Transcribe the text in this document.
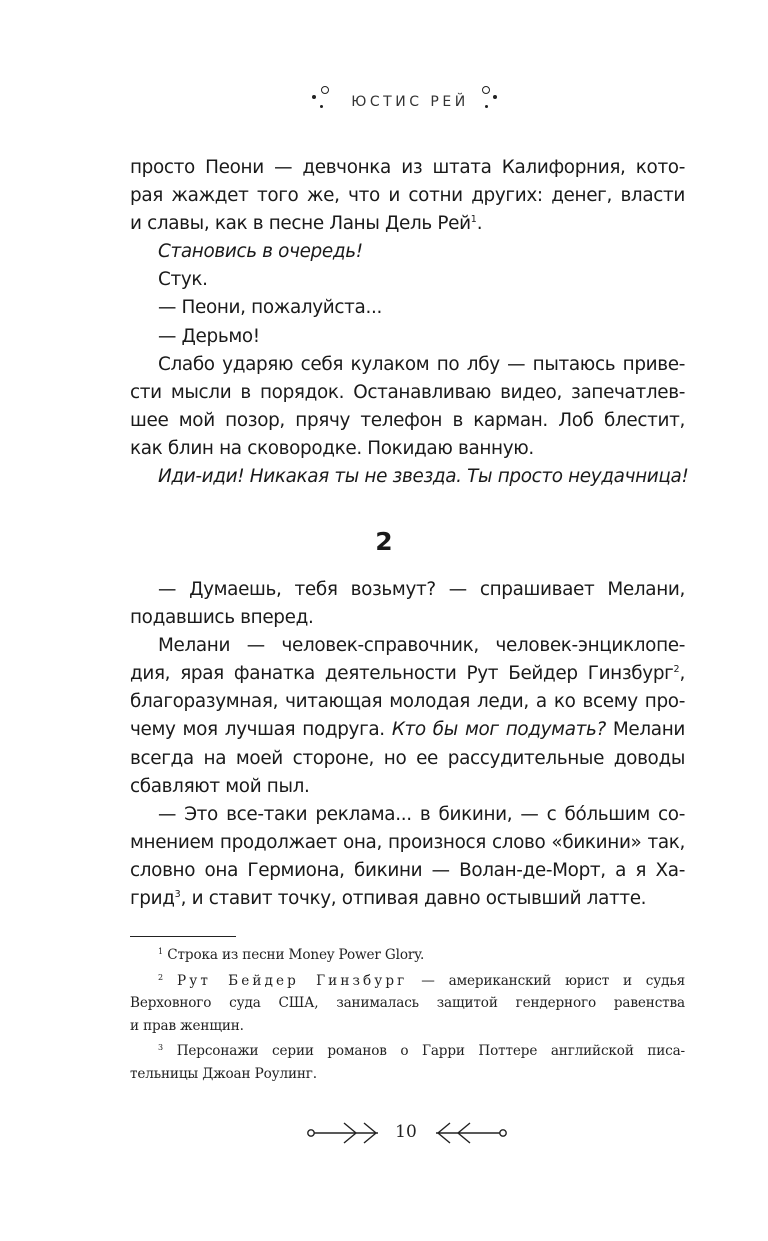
ЮСТИС РЕЙ
просто Пеони — девчонка из штата Калифорния, кото-
рая жаждет того же, что и сотни других: денег, власти
и славы, как в песне Ланы Дель Рей$^1$.
Становись в очередь!
Стук.
— Пеони, пожалуйста...
— Дерьмо!
Слабо ударяю себя кулаком по лбу — пытаюсь приве-
сти мысли в порядок. Останавливаю видео, запечатлев-
шее мой позор, прячу телефон в карман. Лоб блестит,
как блин на сковородке. Покидаю ванную.
Иди-иди! Никакая ты не звезда. Ты просто неудачница!
2
— Думаешь, тебя возьмут? — спрашивает Мелани,
подавшись вперед.
Мелани — человек-справочник, человек-энциклопе-
дия, ярая фанатка деятельности Рут Бейдер Гинзбург$^2$,
благоразумная, читающая молодая леди, а ко всему про-
чему моя лучшая подруга. Кто бы мог подумать? Мелани
всегда на моей стороне, но ее рассудительные доводы
сбавляют мой пыл.
— Это все-таки реклама... в бикини, — с бо́льшим со-
мнением продолжает она, произнося слово «бикини» так,
словно она Гермиона, бикини — Волан-де-Морт, а я Ха-
грид$^3$, и ставит точку, отпивая давно остывший латте.
$^1$ Строка из песни Money Power Glory.
$^2$ Рут Бейдер Гинзбург — американский юрист и судья
Верховного суда США, занималась защитой гендерного равенства
и прав женщин.
$^3$ Персонажи серии романов о Гарри Поттере английской писа-
тельницы Джоан Роулинг.
10
